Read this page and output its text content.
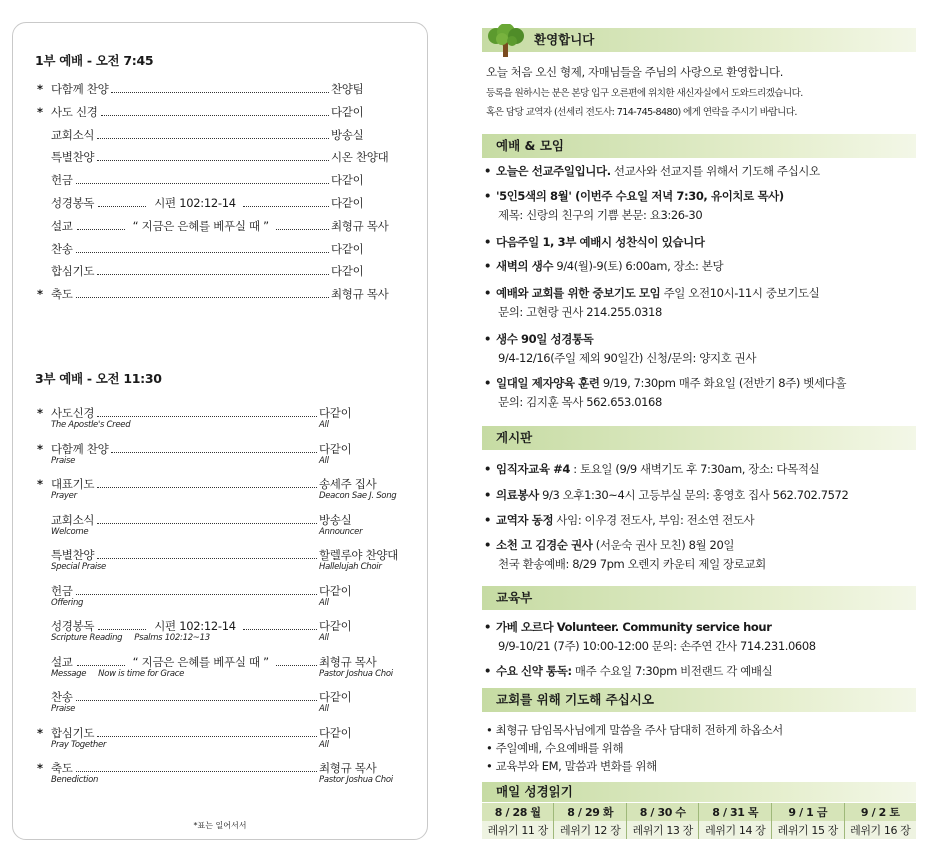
1부 예배 - 오전 7:45
* 다함께 찬양	찬양팀
* 사도 신경	다같이
교회소식	방송실
특별찬양	시온 찬양대
헌금	다같이
성경봉독	시편 102:12-14	다같이
설교	“ 지금은 은혜를 베푸실 때 ”	최형규 목사
찬송	다같이
합심기도	다같이
* 축도	최형규 목사
3부 예배 - 오전 11:30
* 사도신경	다같이
The Apostle's Creed	All
* 다함께 찬양	다같이
Praise	All
* 대표기도	송세주 집사
Prayer	Deacon Sae J. Song
교회소식	방송실
Welcome	Announcer
특별찬양	할렐루야 찬양대
Special Praise	Hallelujah Choir
헌금	다같이
Offering	All
성경봉독	시편 102:12-14	다같이
Scripture Reading	Psalms 102:12~13	All
설교	“ 지금은 은혜를 베푸실 때 ”	최형규 목사
Message	Now is time for Grace	Pastor Joshua Choi
찬송	다같이
Praise	All
* 합심기도	다같이
Pray Together	All
* 축도	최형규 목사
Benediction	Pastor Joshua Choi
*표는 일어서서
환영합니다
오늘 처음 오신 형제, 자매님들을 주님의 사랑으로 환영합니다.
등록을 원하시는 분은 본당 입구 오른편에 위치한 새신자실에서 도와드리겠습니다.
혹은 담당 교역자 (선세리 전도사: 714-745-8480) 에게 연락을 주시기 바랍니다.
예배 & 모임
• 오늘은 선교주일입니다. 선교사와 선교지를 위해서 기도해 주십시오
• '5인5색의 8월' (이번주 수요일 저녁 7:30, 유이치로 목사)
제목: 신랑의 친구의 기쁨 본문: 요3:26-30
• 다음주일 1, 3부 예배시 성찬식이 있습니다
• 새벽의 생수 9/4(월)-9(토) 6:00am, 장소: 본당
• 예배와 교회를 위한 중보기도 모임 주일 오전10시-11시 중보기도실
문의: 고현랑 권사 214.255.0318
• 생수 90일 성경통독
9/4-12/16(주일 제외 90일간) 신청/문의: 양지호 권사
• 일대일 제자양육 훈련 9/19, 7:30pm 매주 화요일 (전반기 8주) 벳세다홀
문의: 김지훈 목사 562.653.0168
게시판
• 임직자교육 #4 : 토요일 (9/9 새벽기도 후 7:30am, 장소: 다목적실
• 의료봉사 9/3 오후1:30~4시 고등부실 문의: 홍영호 집사 562.702.7572
• 교역자 동정 사임: 이우경 전도사, 부임: 전소연 전도사
• 소천 고 김경순 권사 (서운숙 권사 모친) 8월 20일
천국 환송예배: 8/29 7pm 오렌지 카운티 제일 장로교회
교육부
• 가베 오르다 Volunteer. Community service hour
9/9-10/21 (7주) 10:00-12:00 문의: 손주연 간사 714.231.0608
• 수요 신약 통독: 매주 수요일 7:30pm 비전랜드 각 예배실
교회를 위해 기도해 주십시오
• 최형규 담임목사님에게 말씀을 주사 담대히 전하게 하옵소서
• 주일예배, 수요예배를 위해
• 교육부와 EM, 말씀과 변화를 위해
매일 성경읽기
8 / 28 월	8 / 29 화	8 / 30 수	8 / 31 목	9 / 1 금	9 / 2 토
레위기 11 장	레위기 12 장	레위기 13 장	레위기 14 장	레위기 15 장	레위기 16 장
